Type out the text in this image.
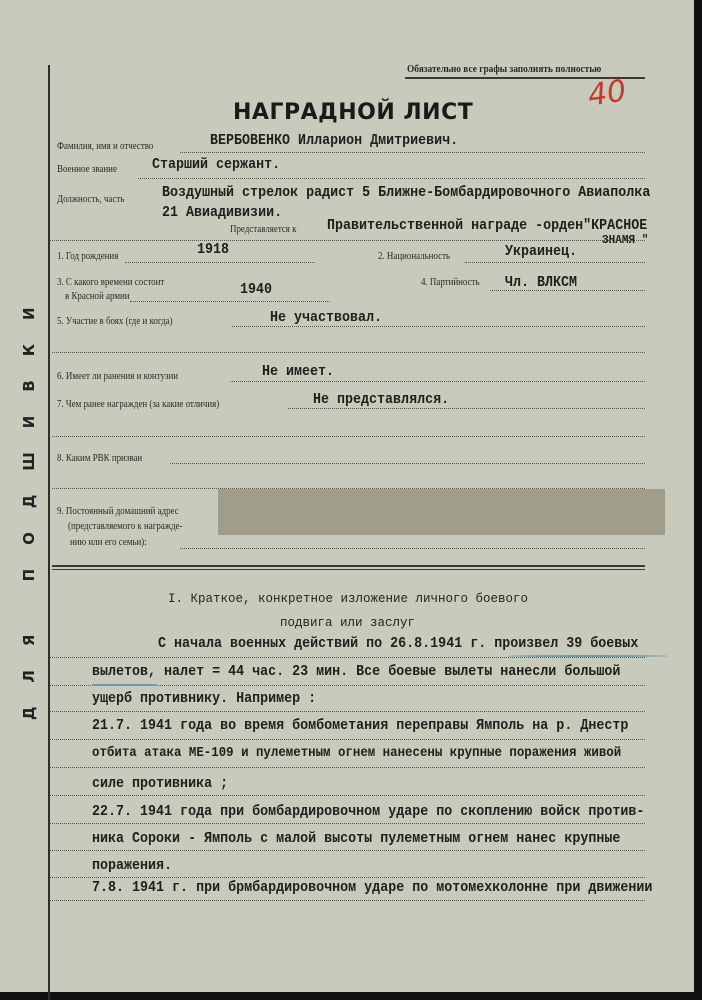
ДЛЯ ПОДШИВКИ
Обязательно все графы заполнять полностью
40
НАГРАДНОЙ ЛИСТ
Фамилия, имя и отчество	ВЕРБОВЕНКО Илларион Дмитриевич.
Военное звание Старший сержант.
Должность, часть	Воздушный стрелок радист 5 Ближне-Бомбардировочного Авиаполка
21 Авиадивизии.
Представляется к Правительственной награде -орден"КРАСНОЕ
ЗНАМЯ "
1. Год рождения	1918	2. Национальность	Украинец.
3. С какого времени состоит
в Красной армии	1940	4. Партийность Чл. ВЛКСМ
5. Участие в боях (где и когда)	Не участвовал.
6. Имеет ли ранения и контузии	Не имеет.
7. Чем ранее награжден (за какие отличия)	Не представлялся.
8. Каким РВК призван
9. Постоянный домашний адрес
(представляемого к награжде-
нию или его семьи):
I. Краткое, конкретное изложение личного боевого
подвига или заслуг
С начала военных действий по 26.8.1941 г. произвел 39 боевых
вылетов, налет = 44 час. 23 мин. Все боевые вылеты нанесли большой
ущерб противнику. Например :
21.7. 1941 года во время бомбометания переправы Ямполь на р. Днестр
отбита атака МЕ-109 и пулеметным огнем нанесены крупные поражения живой
силе противника ;
22.7. 1941 года при бомбардировочном ударе по скоплению войск против-
ника Сороки - Ямполь с малой высоты пулеметным огнем нанес крупные
поражения.
7.8. 1941 г. при брмбардировочном ударе по мотомехколонне при движении
